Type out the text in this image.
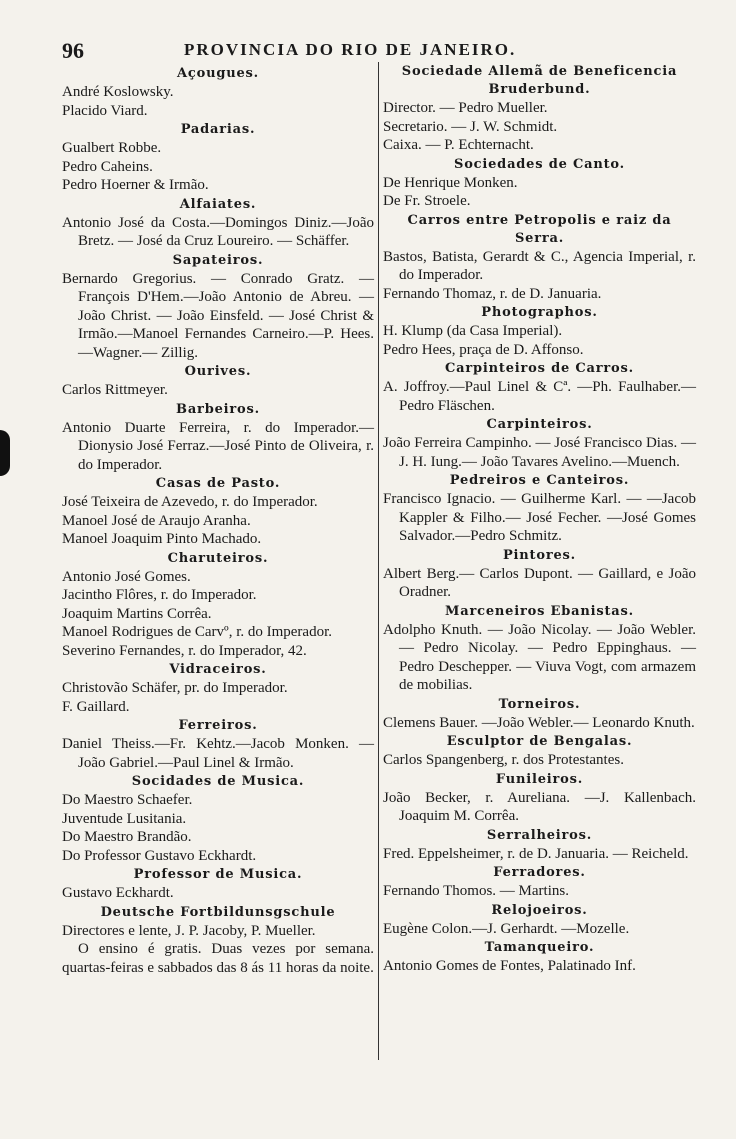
96	PROVINCIA DO RIO DE JANEIRO.
Açougues.
André Koslowsky.
Placido Viard.
Padarias.
Gualbert Robbe.
Pedro Caheins.
Pedro Hoerner & Irmão.
Alfaiates.
Antonio José da Costa.—Domingos Diniz.—João Bretz. — José da Cruz Loureiro. — Schäffer.
Sapateiros.
Bernardo Gregorius. — Conrado Gratz. — François D'Hem.—João Antonio de Abreu. — João Christ. — João Einsfeld. — José Christ & Irmão.—Manoel Fernandes Carneiro.—P. Hees.—Wagner.— Zillig.
Ourives.
Carlos Rittmeyer.
Barbeiros.
Antonio Duarte Ferreira, r. do Imperador.—Dionysio José Ferraz.—José Pinto de Oliveira, r. do Imperador.
Casas de Pasto.
José Teixeira de Azevedo, r. do Imperador.
Manoel José de Araujo Aranha.
Manoel Joaquim Pinto Machado.
Charuteiros.
Antonio José Gomes.
Jacintho Flôres, r. do Imperador.
Joaquim Martins Corrêa.
Manoel Rodrigues de Carvº, r. do Imperador.
Severino Fernandes, r. do Imperador, 42.
Vidraceiros.
Christovão Schäfer, pr. do Imperador.
F. Gaillard.
Ferreiros.
Daniel Theiss.—Fr. Kehtz.—Jacob Monken. —João Gabriel.—Paul Linel & Irmão.
Socidades de Musica.
Do Maestro Schaefer.
Juventude Lusitania.
Do Maestro Brandão.
Do Professor Gustavo Eckhardt.
Professor de Musica.
Gustavo Eckhardt.
Deutsche Fortbildunsgschule
Directores e lente, J. P. Jacoby, P. Mueller.
O ensino é gratis. Duas vezes por semana. quartas-feiras e sabbados das 8 ás 11 horas da noite.
Sociedade Allemã de Beneficencia Bruderbund.
Director. — Pedro Mueller.
Secretario. — J. W. Schmidt.
Caixa. — P. Echternacht.
Sociedades de Canto.
De Henrique Monken.
De Fr. Stroele.
Carros entre Petropolis e raiz da Serra.
Bastos, Batista, Gerardt & C., Agencia Imperial, r. do Imperador.
Fernando Thomaz, r. de D. Januaria.
Photographos.
H. Klump (da Casa Imperial).
Pedro Hees, praça de D. Affonso.
Carpinteiros de Carros.
A. Joffroy.—Paul Linel & Cª. —Ph. Faulhaber.— Pedro Fläschen.
Carpinteiros.
João Ferreira Campinho. — José Francisco Dias. — J. H. Iung.— João Tavares Avelino.—Muench.
Pedreiros e Canteiros.
Francisco Ignacio. — Guilherme Karl. — —Jacob Kappler & Filho.— José Fecher. —José Gomes Salvador.—Pedro Schmitz.
Pintores.
Albert Berg.— Carlos Dupont. — Gaillard, e João Oradner.
Marceneiros Ebanistas.
Adolpho Knuth. — João Nicolay. — João Webler. — Pedro Nicolay. — Pedro Eppinghaus. — Pedro Deschepper. — Viuva Vogt, com armazem de mobilias.
Torneiros.
Clemens Bauer. —João Webler.— Leonardo Knuth.
Esculptor de Bengalas.
Carlos Spangenberg, r. dos Protestantes.
Funileiros.
João Becker, r. Aureliana. —J. Kallenbach. Joaquim M. Corrêa.
Serralheiros.
Fred. Eppelsheimer, r. de D. Januaria. — Reicheld.
Ferradores.
Fernando Thomos. — Martins.
Relojoeiros.
Eugène Colon.—J. Gerhardt. —Mozelle.
Tamanqueiro.
Antonio Gomes de Fontes, Palatinado Inf.
